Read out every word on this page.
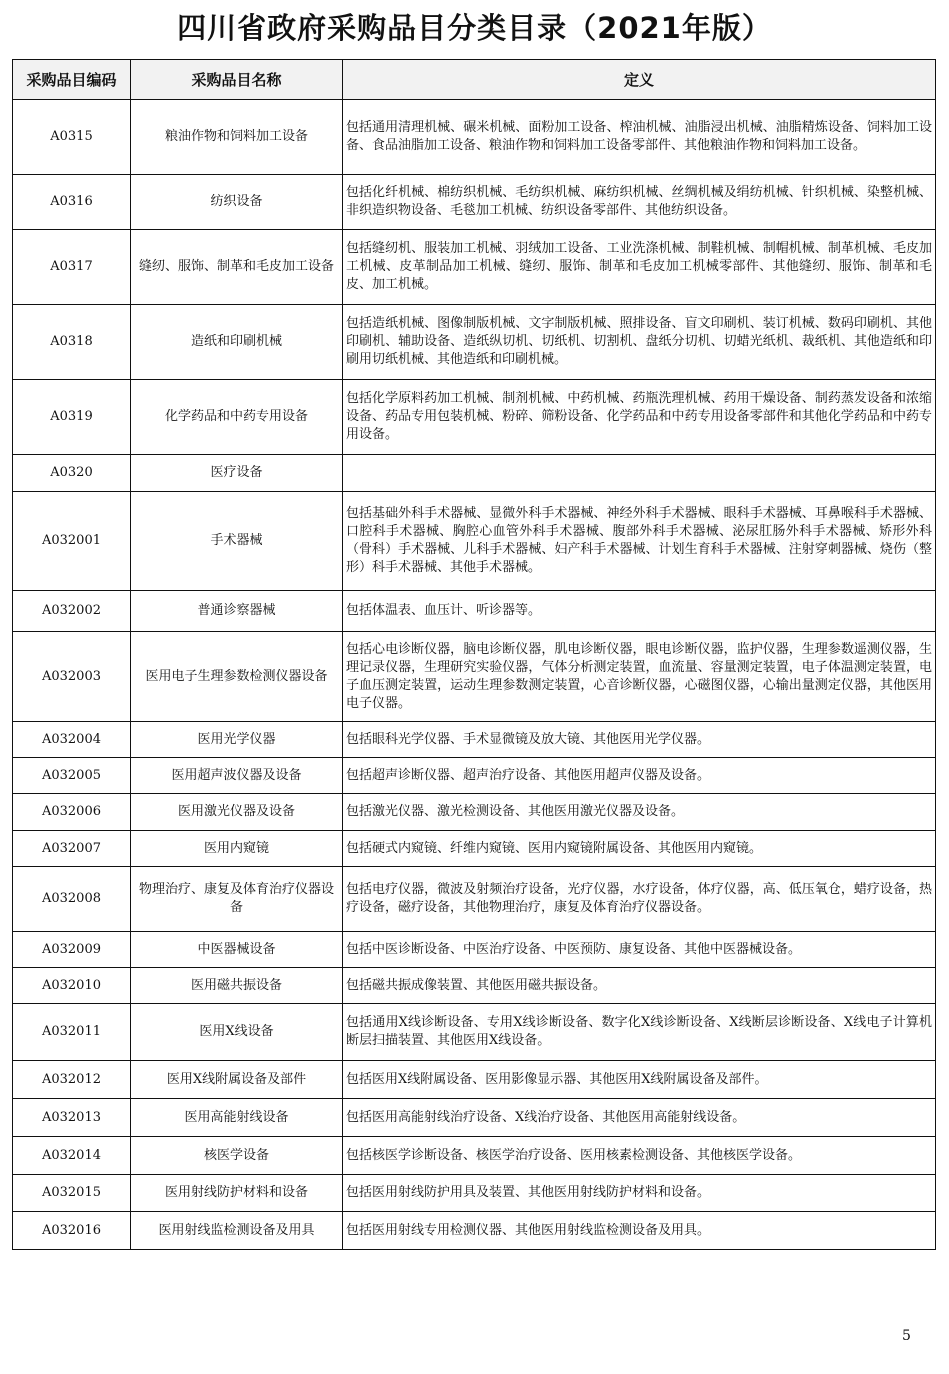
四川省政府采购品目分类目录（2021年版）
采购品目编码	采购品目名称	定义
A0315	粮油作物和饲料加工设备	包括通用清理机械、碾米机械、面粉加工设备、榨油机械、油脂浸出机械、油脂精炼设备、饲料加工设备、食品油脂加工设备、粮油作物和饲料加工设备零部件、其他粮油作物和饲料加工设备。

A0316	纺织设备	包括化纤机械、棉纺织机械、毛纺织机械、麻纺织机械、丝绸机械及绢纺机械、针织机械、染整机械、非织造织物设备、毛毯加工机械、纺织设备零部件、其他纺织设备。

A0317	缝纫、服饰、制革和毛皮加工设备	包括缝纫机、服装加工机械、羽绒加工设备、工业洗涤机械、制鞋机械、制帽机械、制革机械、毛皮加工机械、皮革制品加工机械、缝纫、服饰、制革和毛皮加工机械零部件、其他缝纫、服饰、制革和毛皮、加工机械。

A0318	造纸和印刷机械	包括造纸机械、图像制版机械、文字制版机械、照排设备、盲文印刷机、装订机械、数码印刷机、其他印刷机、辅助设备、造纸纵切机、切纸机、切割机、盘纸分切机、切蜡光纸机、裁纸机、其他造纸和印刷用切纸机械、其他造纸和印刷机械。

A0319	化学药品和中药专用设备	包括化学原料药加工机械、制剂机械、中药机械、药瓶洗理机械、药用干燥设备、制药蒸发设备和浓缩设备、药品专用包装机械、粉碎、筛粉设备、化学药品和中药专用设备零部件和其他化学药品和中药专用设备。

A0320	医疗设备	

A032001	手术器械	包括基础外科手术器械、显微外科手术器械、神经外科手术器械、眼科手术器械、耳鼻喉科手术器械、口腔科手术器械、胸腔心血管外科手术器械、腹部外科手术器械、泌尿肛肠外科手术器械、矫形外科（骨科）手术器械、儿科手术器械、妇产科手术器械、计划生育科手术器械、注射穿刺器械、烧伤（整形）科手术器械、其他手术器械。

A032002	普通诊察器械	包括体温表、血压计、听诊器等。

A032003	医用电子生理参数检测仪器设备	包括心电诊断仪器，脑电诊断仪器，肌电诊断仪器，眼电诊断仪器，监护仪器，生理参数遥测仪器，生理记录仪器，生理研究实验仪器，气体分析测定装置，血流量、容量测定装置，电子体温测定装置，电子血压测定装置，运动生理参数测定装置，心音诊断仪器，心磁图仪器，心输出量测定仪器，其他医用电子仪器。

A032004	医用光学仪器	包括眼科光学仪器、手术显微镜及放大镜、其他医用光学仪器。

A032005	医用超声波仪器及设备	包括超声诊断仪器、超声治疗设备、其他医用超声仪器及设备。

A032006	医用激光仪器及设备	包括激光仪器、激光检测设备、其他医用激光仪器及设备。

A032007	医用内窥镜	包括硬式内窥镜、纤维内窥镜、医用内窥镜附属设备、其他医用内窥镜。

A032008	物理治疗、康复及体育治疗仪器设备	包括电疗仪器，微波及射频治疗设备，光疗仪器，水疗设备，体疗仪器，高、低压氧仓，蜡疗设备，热疗设备，磁疗设备，其他物理治疗，康复及体育治疗仪器设备。

A032009	中医器械设备	包括中医诊断设备、中医治疗设备、中医预防、康复设备、其他中医器械设备。

A032010	医用磁共振设备	包括磁共振成像装置、其他医用磁共振设备。

A032011	医用X线设备	包括通用X线诊断设备、专用X线诊断设备、数字化X线诊断设备、X线断层诊断设备、X线电子计算机断层扫描装置、其他医用X线设备。

A032012	医用X线附属设备及部件	包括医用X线附属设备、医用影像显示器、其他医用X线附属设备及部件。

A032013	医用高能射线设备	包括医用高能射线治疗设备、X线治疗设备、其他医用高能射线设备。

A032014	核医学设备	包括核医学诊断设备、核医学治疗设备、医用核素检测设备、其他核医学设备。

A032015	医用射线防护材料和设备	包括医用射线防护用具及装置、其他医用射线防护材料和设备。

A032016	医用射线监检测设备及用具	包括医用射线专用检测仪器、其他医用射线监检测设备及用具。
5
